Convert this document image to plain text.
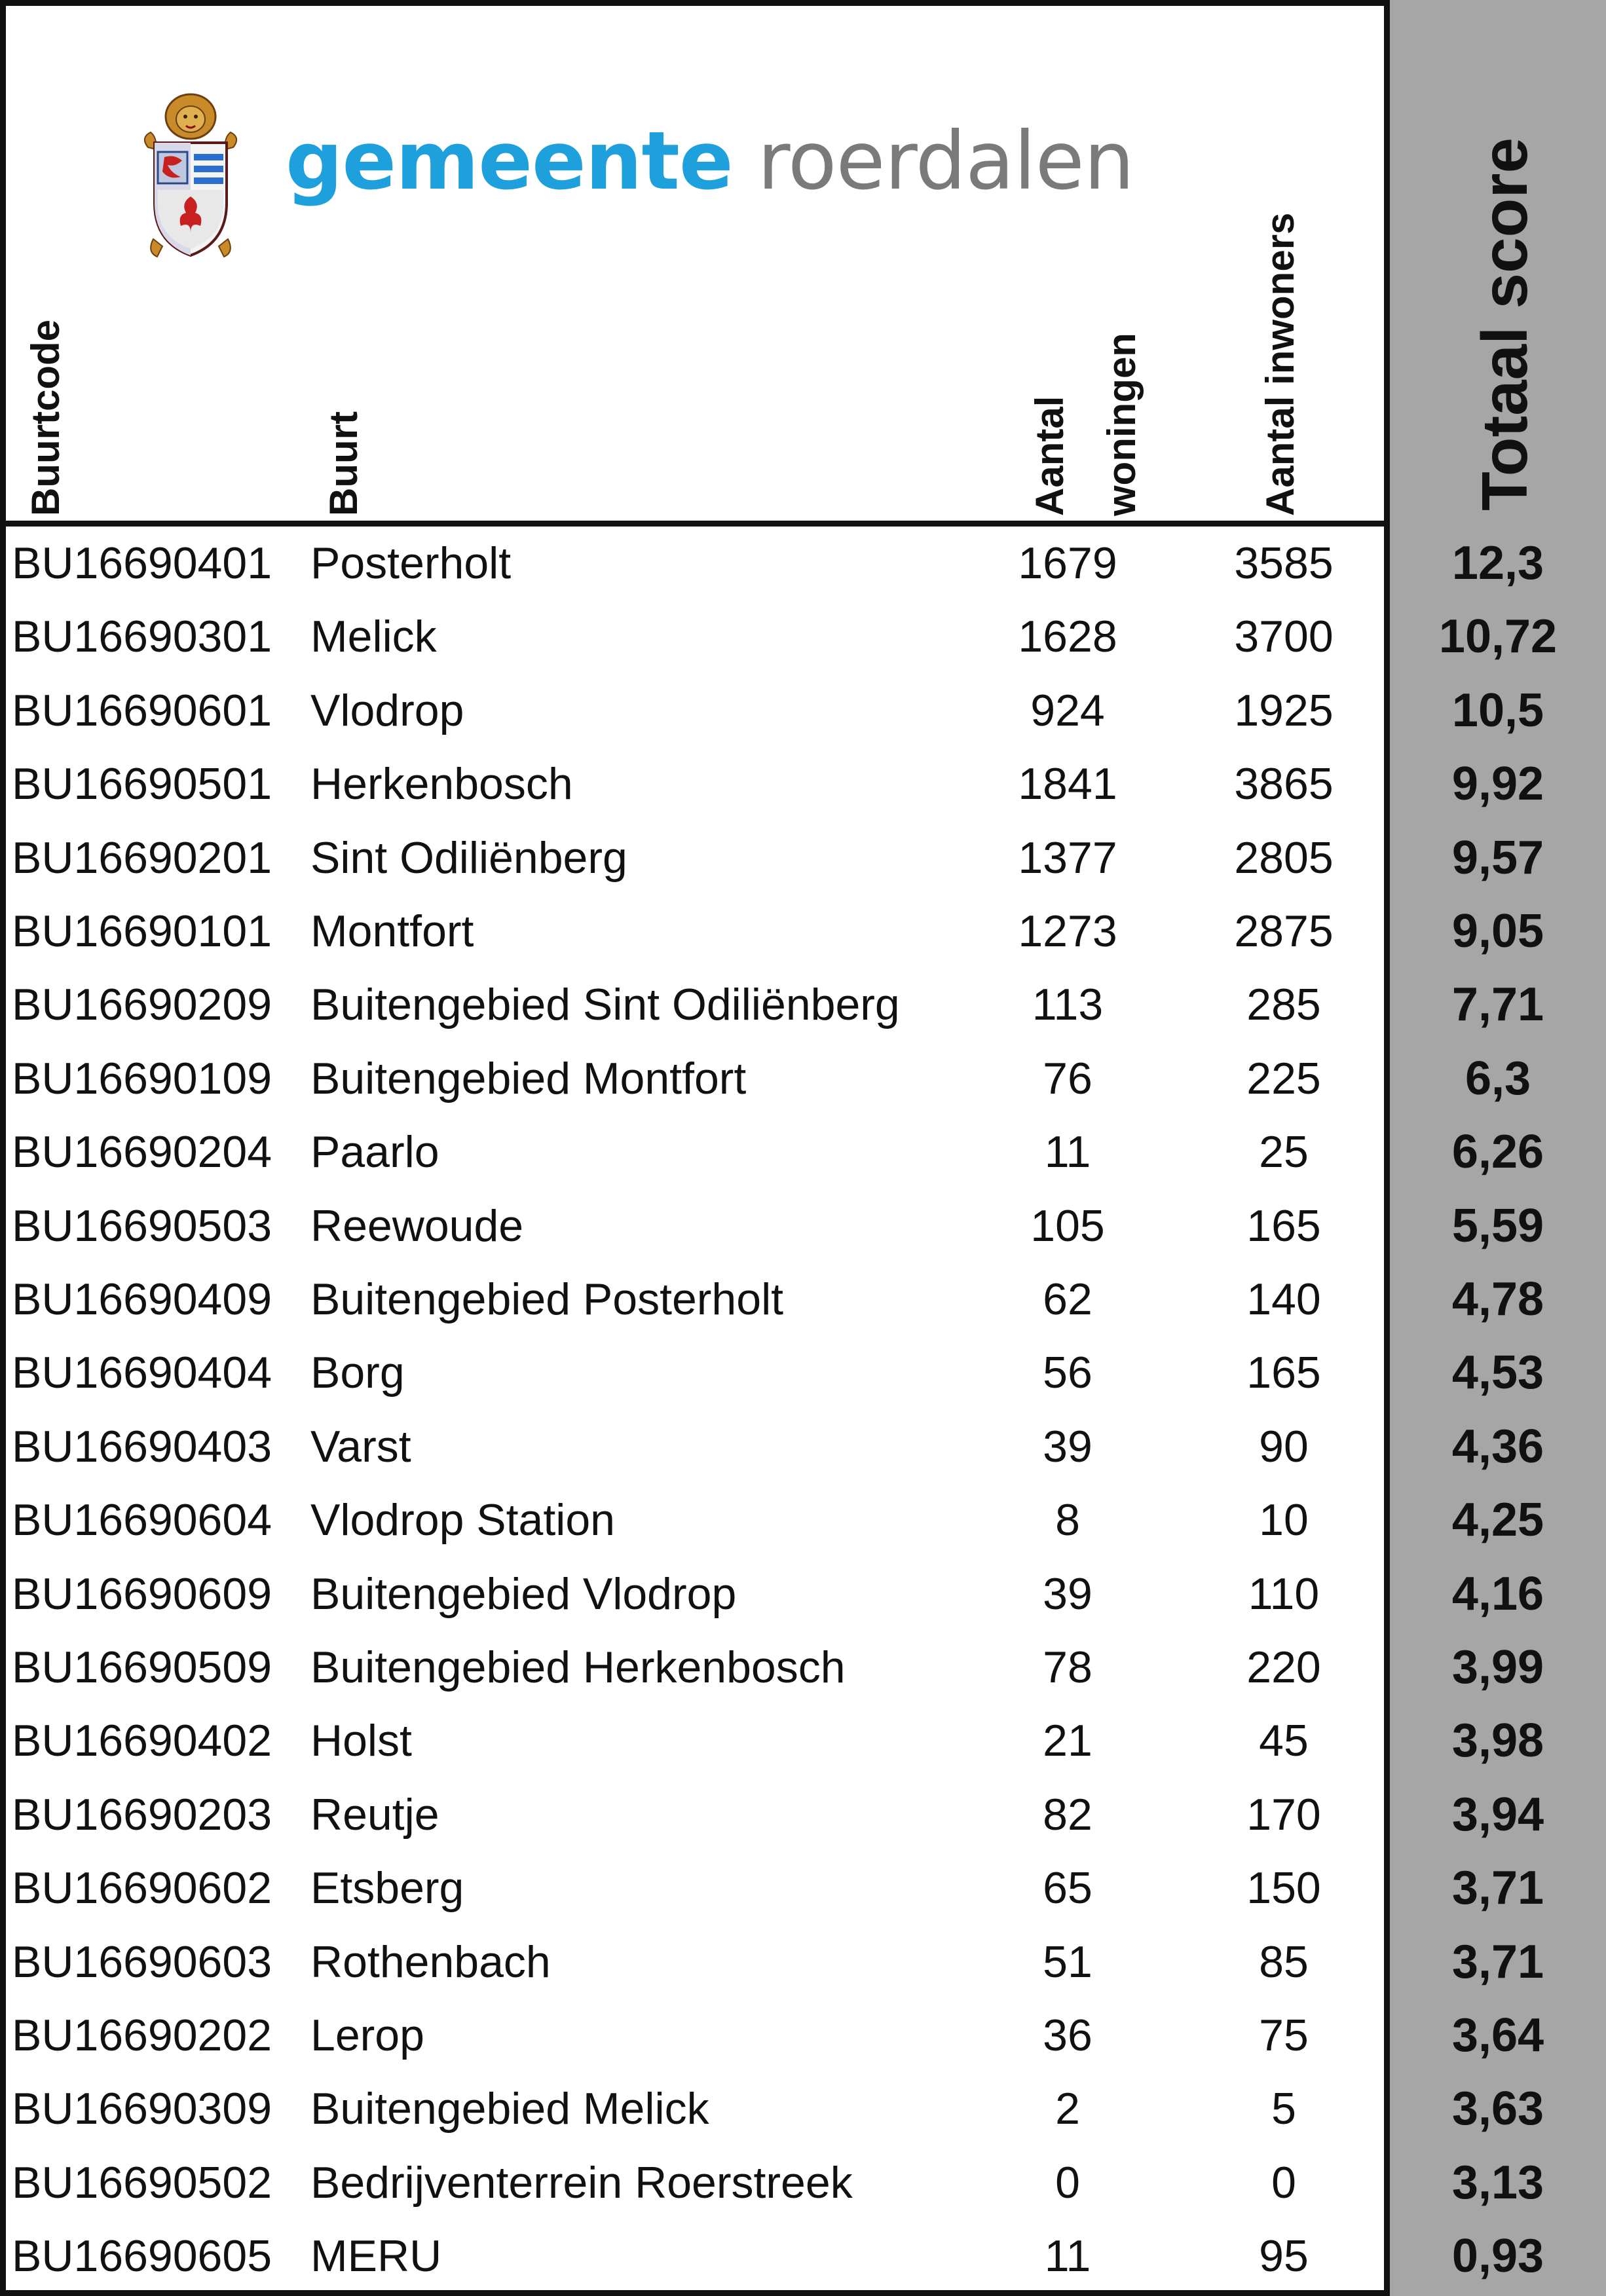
gemeente roerdalen
Buurtcode	Buurt	Aantal woningen	Aantal inwoners	Totaal score
BU16690401 Posterholt	1679	3585	12,3
BU16690301 Melick	1628	3700	10,72
BU16690601 Vlodrop	924	1925	10,5
BU16690501 Herkenbosch	1841	3865	9,92
BU16690201 Sint Odiliënberg	1377	2805	9,57
BU16690101 Montfort	1273	2875	9,05
BU16690209 Buitengebied Sint Odiliënberg	113	285	7,71
BU16690109 Buitengebied Montfort	76	225	6,3
BU16690204 Paarlo	11	25	6,26
BU16690503 Reewoude	105	165	5,59
BU16690409 Buitengebied Posterholt	62	140	4,78
BU16690404 Borg	56	165	4,53
BU16690403 Varst	39	90	4,36
BU16690604 Vlodrop Station	8	10	4,25
BU16690609 Buitengebied Vlodrop	39	110	4,16
BU16690509 Buitengebied Herkenbosch	78	220	3,99
BU16690402 Holst	21	45	3,98
BU16690203 Reutje	82	170	3,94
BU16690602 Etsberg	65	150	3,71
BU16690603 Rothenbach	51	85	3,71
BU16690202 Lerop	36	75	3,64
BU16690309 Buitengebied Melick	2	5	3,63
BU16690502 Bedrijventerrein Roerstreek	0	0	3,13
BU16690605 MERU	11	95	0,93
